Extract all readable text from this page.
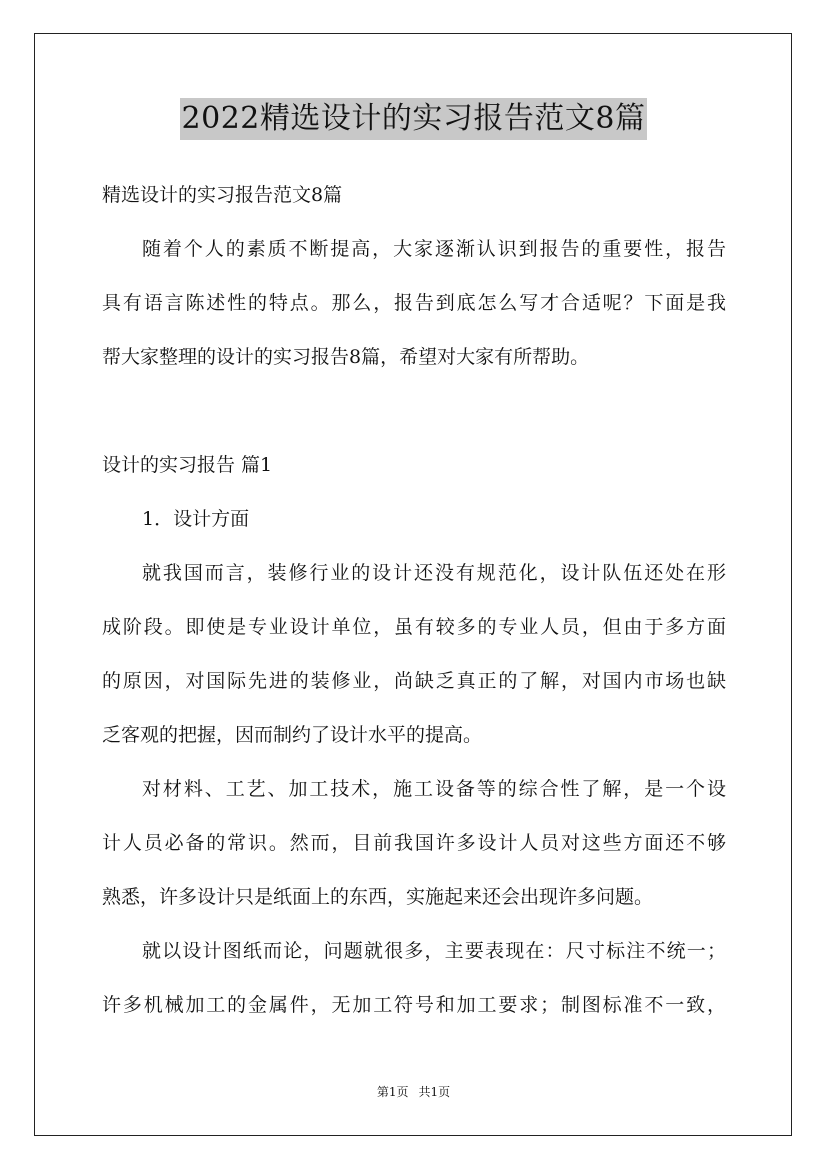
2022精选设计的实习报告范文8篇
精选设计的实习报告范文8篇
随着个人的素质不断提高，大家逐渐认识到报告的重要性，报告
具有语言陈述性的特点。那么，报告到底怎么写才合适呢？下面是我
帮大家整理的设计的实习报告8篇，希望对大家有所帮助。
设计的实习报告 篇1
1．设计方面
就我国而言，装修行业的设计还没有规范化，设计队伍还处在形
成阶段。即使是专业设计单位，虽有较多的专业人员，但由于多方面
的原因，对国际先进的装修业，尚缺乏真正的了解，对国内市场也缺
乏客观的把握，因而制约了设计水平的提高。
对材料、工艺、加工技术，施工设备等的综合性了解，是一个设
计人员必备的常识。然而，目前我国许多设计人员对这些方面还不够
熟悉，许多设计只是纸面上的东西，实施起来还会出现许多问题。
就以设计图纸而论，问题就很多，主要表现在：尺寸标注不统一；
许多机械加工的金属件，无加工符号和加工要求；制图标准不一致，
第1页 共1页
